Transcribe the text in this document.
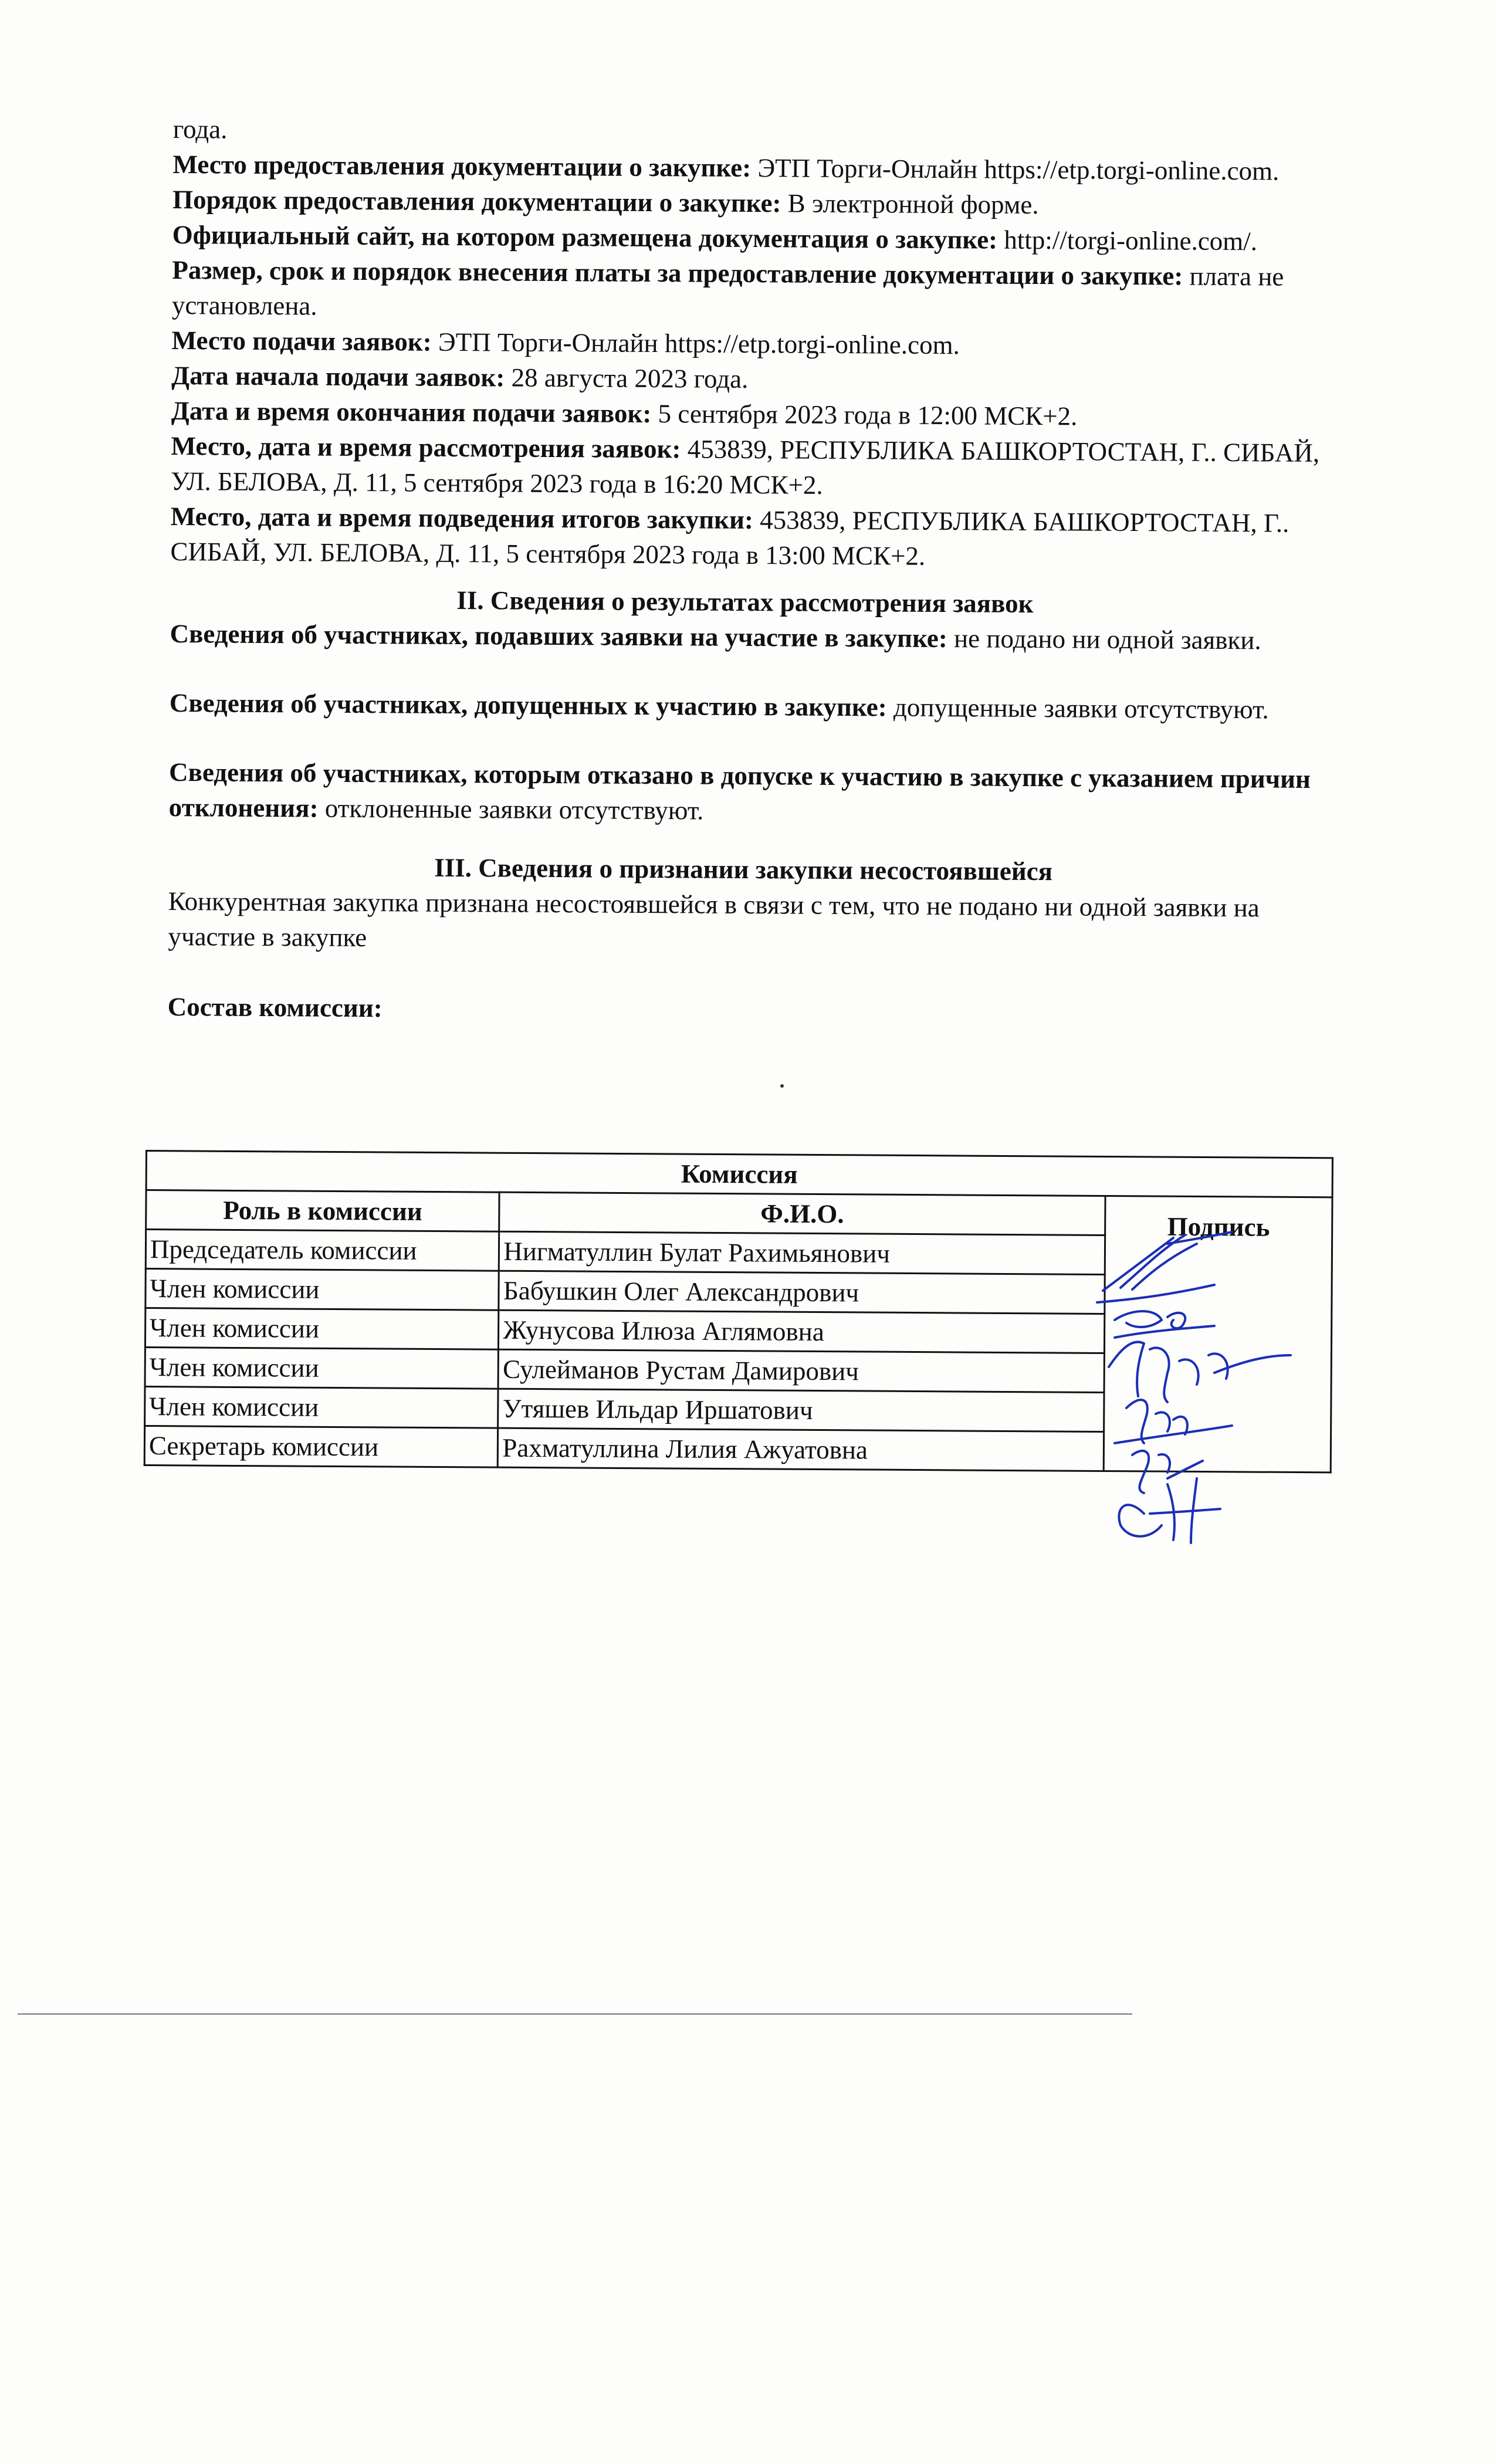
года.

Место предоставления документации о закупке: ЭТП Торги-Онлайн https://etp.torgi-online.com.

Порядок предоставления документации о закупке: В электронной форме.

Официальный сайт, на котором размещена документация о закупке: http://torgi-online.com/.

Размер, срок и порядок внесения платы за предоставление документации о закупке: плата не установлена.

Место подачи заявок: ЭТП Торги-Онлайн https://etp.torgi-online.com.

Дата начала подачи заявок: 28 августа 2023 года.

Дата и время окончания подачи заявок: 5 сентября 2023 года в 12:00 МСК+2.

Место, дата и время рассмотрения заявок: 453839, РЕСПУБЛИКА БАШКОРТОСТАН, Г.. СИБАЙ, УЛ. БЕЛОВА, Д. 11, 5 сентября 2023 года в 16:20 МСК+2.

Место, дата и время подведения итогов закупки: 453839, РЕСПУБЛИКА БАШКОРТОСТАН, Г.. СИБАЙ, УЛ. БЕЛОВА, Д. 11, 5 сентября 2023 года в 13:00 МСК+2.

II. Сведения о результатах рассмотрения заявок

Сведения об участниках, подавших заявки на участие в закупке: не подано ни одной заявки.

Сведения об участниках, допущенных к участию в закупке: допущенные заявки отсутствуют.

Сведения об участниках, которым отказано в допуске к участию в закупке с указанием причин отклонения: отклоненные заявки отсутствуют.

III. Сведения о признании закупки несостоявшейся

Конкурентная закупка признана несостоявшейся в связи с тем, что не подано ни одной заявки на участие в закупке

Состав комиссии:

Комиссия		
Роль в комиссии	Ф.И.О.	Подпись
Председатель комиссии	Нигматуллин Булат Рахимьянович	
Член комиссии	Бабушкин Олег Александрович	
Член комиссии	Жунусова Илюза Аглямовна	
Член комиссии	Сулейманов Рустам Дамирович	
Член комиссии	Утяшев Ильдар Иршатович	
Секретарь комиссии	Рахматуллина Лилия Ажуатовна	
